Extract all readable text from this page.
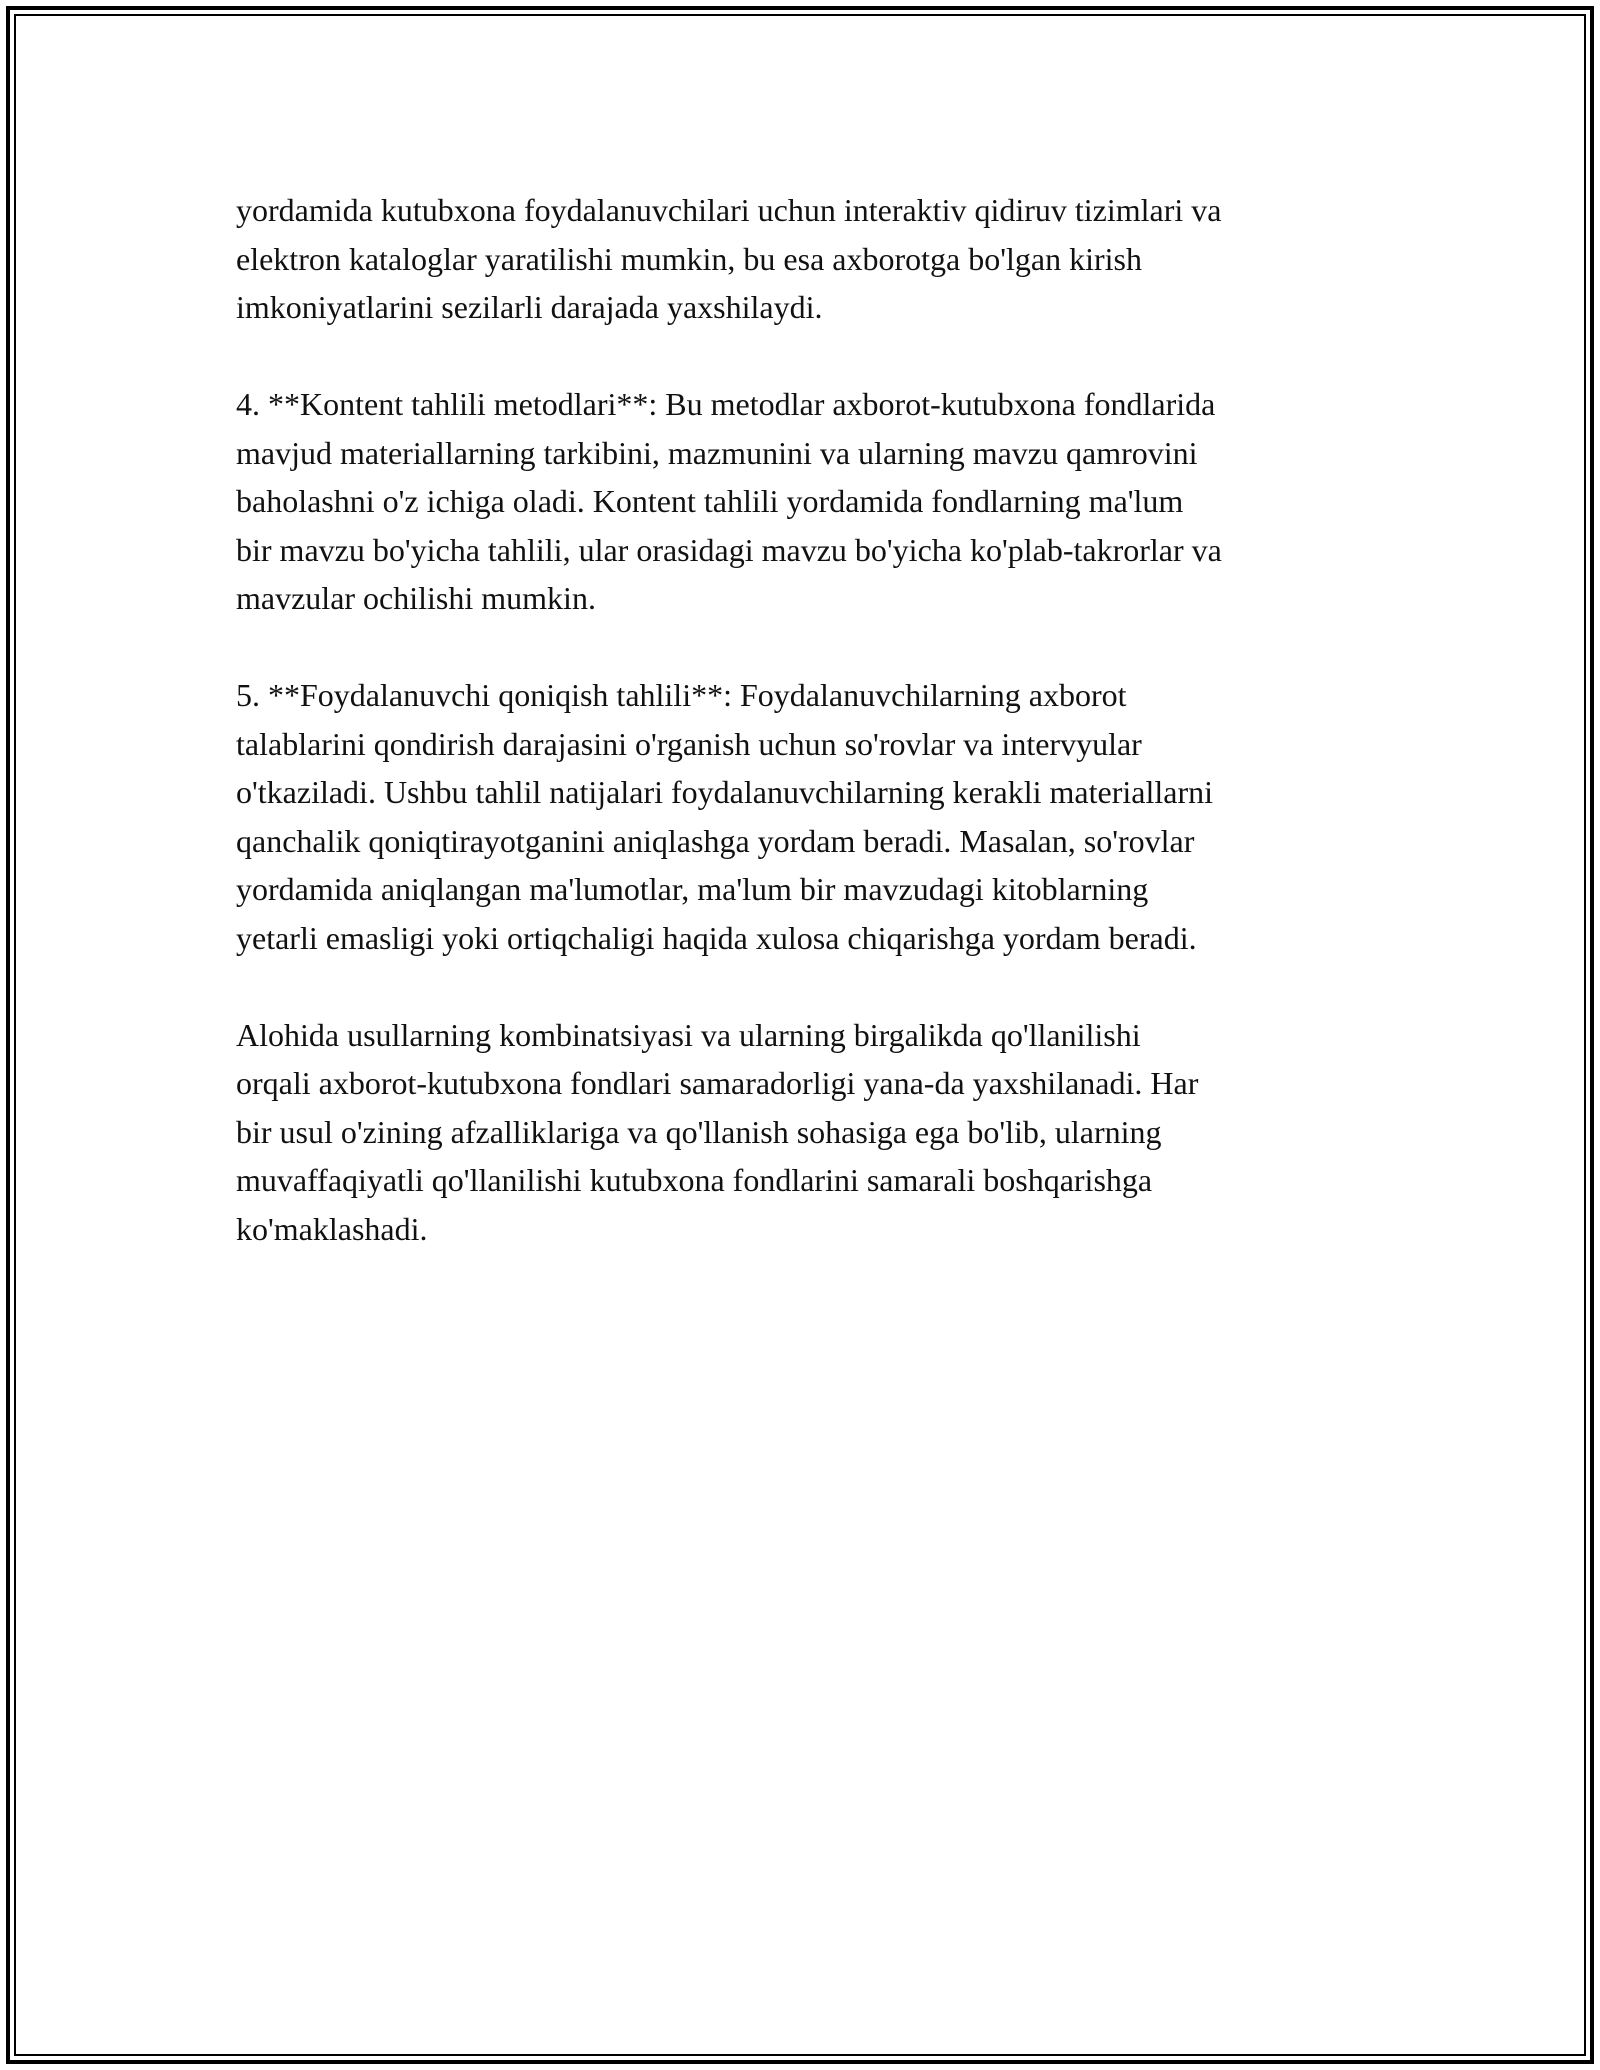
yordamida kutubxona foydalanuvchilari uchun interaktiv qidiruv tizimlari va
elektron kataloglar yaratilishi mumkin, bu esa axborotga bo'lgan kirish
imkoniyatlarini sezilarli darajada yaxshilaydi.

4. **Kontent tahlili metodlari**: Bu metodlar axborot-kutubxona fondlarida
mavjud materiallarning tarkibini, mazmunini va ularning mavzu qamrovini
baholashni o'z ichiga oladi. Kontent tahlili yordamida fondlarning ma'lum
bir mavzu bo'yicha tahlili, ular orasidagi mavzu bo'yicha ko'plab-takrorlar va
mavzular ochilishi mumkin.

5. **Foydalanuvchi qoniqish tahlili**: Foydalanuvchilarning axborot
talablarini qondirish darajasini o'rganish uchun so'rovlar va intervyular
o'tkaziladi. Ushbu tahlil natijalari foydalanuvchilarning kerakli materiallarni
qanchalik qoniqtirayotganini aniqlashga yordam beradi. Masalan, so'rovlar
yordamida aniqlangan ma'lumotlar, ma'lum bir mavzudagi kitoblarning
yetarli emasligi yoki ortiqchaligi haqida xulosa chiqarishga yordam beradi.

Alohida usullarning kombinatsiyasi va ularning birgalikda qo'llanilishi
orqali axborot-kutubxona fondlari samaradorligi yana-da yaxshilanadi. Har
bir usul o'zining afzalliklariga va qo'llanish sohasiga ega bo'lib, ularning
muvaffaqiyatli qo'llanilishi kutubxona fondlarini samarali boshqarishga
ko'maklashadi.
